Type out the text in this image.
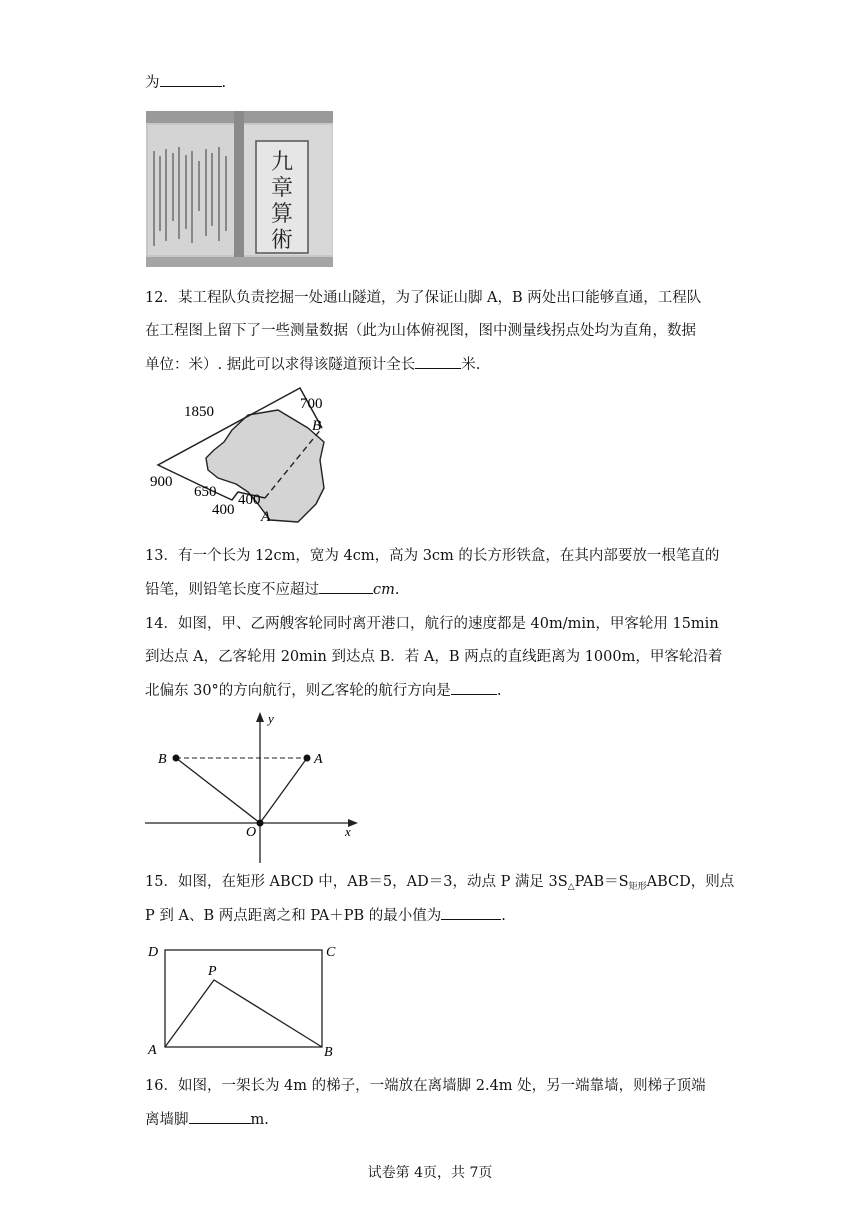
为	.
九
章
算
術
12．某工程队负责挖掘一处通山隧道，为了保证山脚 A，B 两处出口能够直通，工程队
在工程图上留下了一些测量数据（此为山体俯视图，图中测量线拐点处均为直角，数据
单位：米）. 据此可以求得该隧道预计全长	米.
1850	700
B
900
650 400
400 A
13．有一个长为 12cm，宽为 4cm，高为 3cm 的长方形铁盒，在其内部要放一根笔直的
铅笔，则铅笔长度不应超过	cm.
14．如图，甲、乙两艘客轮同时离开港口，航行的速度都是 40m/min，甲客轮用 15min
到达点 A，乙客轮用 20min 到达点 B．若 A，B 两点的直线距离为 1000m，甲客轮沿着
北偏东 30°的方向航行，则乙客轮的航行方向是	.
B	A
O	x
y
15．如图，在矩形 ABCD 中，AB＝5，AD＝3，动点 P 满足 $3S_\triangle PAB=S_{矩形}ABCD$，则点
P 到 A、B 两点距离之和 PA＋PB 的最小值为	.
D	C
P
A	B
16．如图，一架长为 4m 的梯子，一端放在离墙脚 2.4m 处，另一端靠墙，则梯子顶端
离墙脚	m.
试卷第 4页，共 7页
